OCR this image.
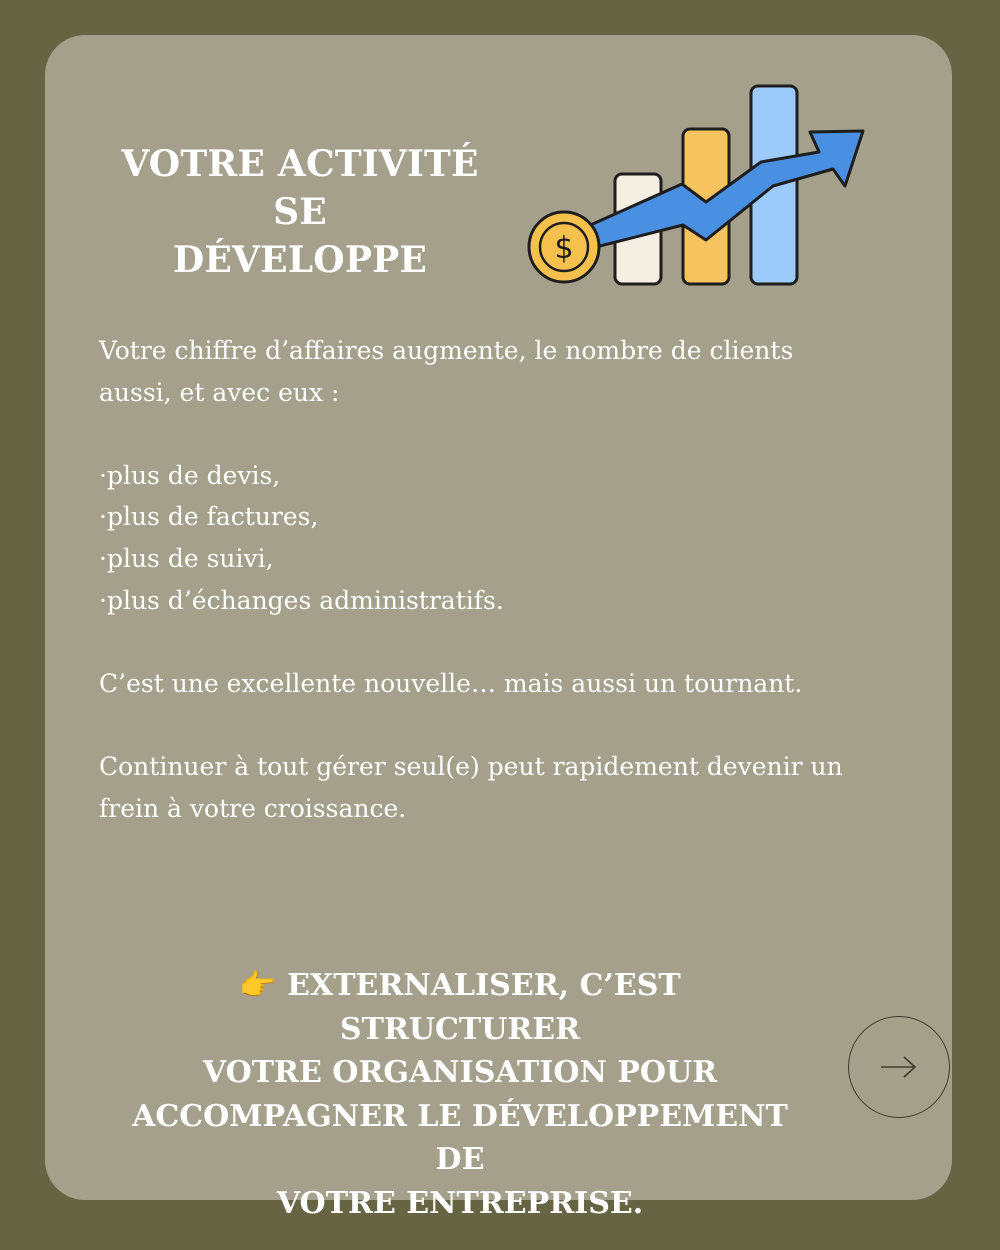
VOTRE ACTIVITÉ SE
DÉVELOPPE	$

Votre chiffre d’affaires augmente, le nombre de clients

aussi, et avec eux :

·plus de devis,

·plus de factures,

·plus de suivi,

·plus d’échanges administratifs.

C’est une excellente nouvelle… mais aussi un tournant.

Continuer à tout gérer seul(e) peut rapidement devenir un

frein à votre croissance.

👉 EXTERNALISER, C’EST STRUCTURER
VOTRE ORGANISATION POUR
ACCOMPAGNER LE DÉVELOPPEMENT DE
VOTRE ENTREPRISE.
